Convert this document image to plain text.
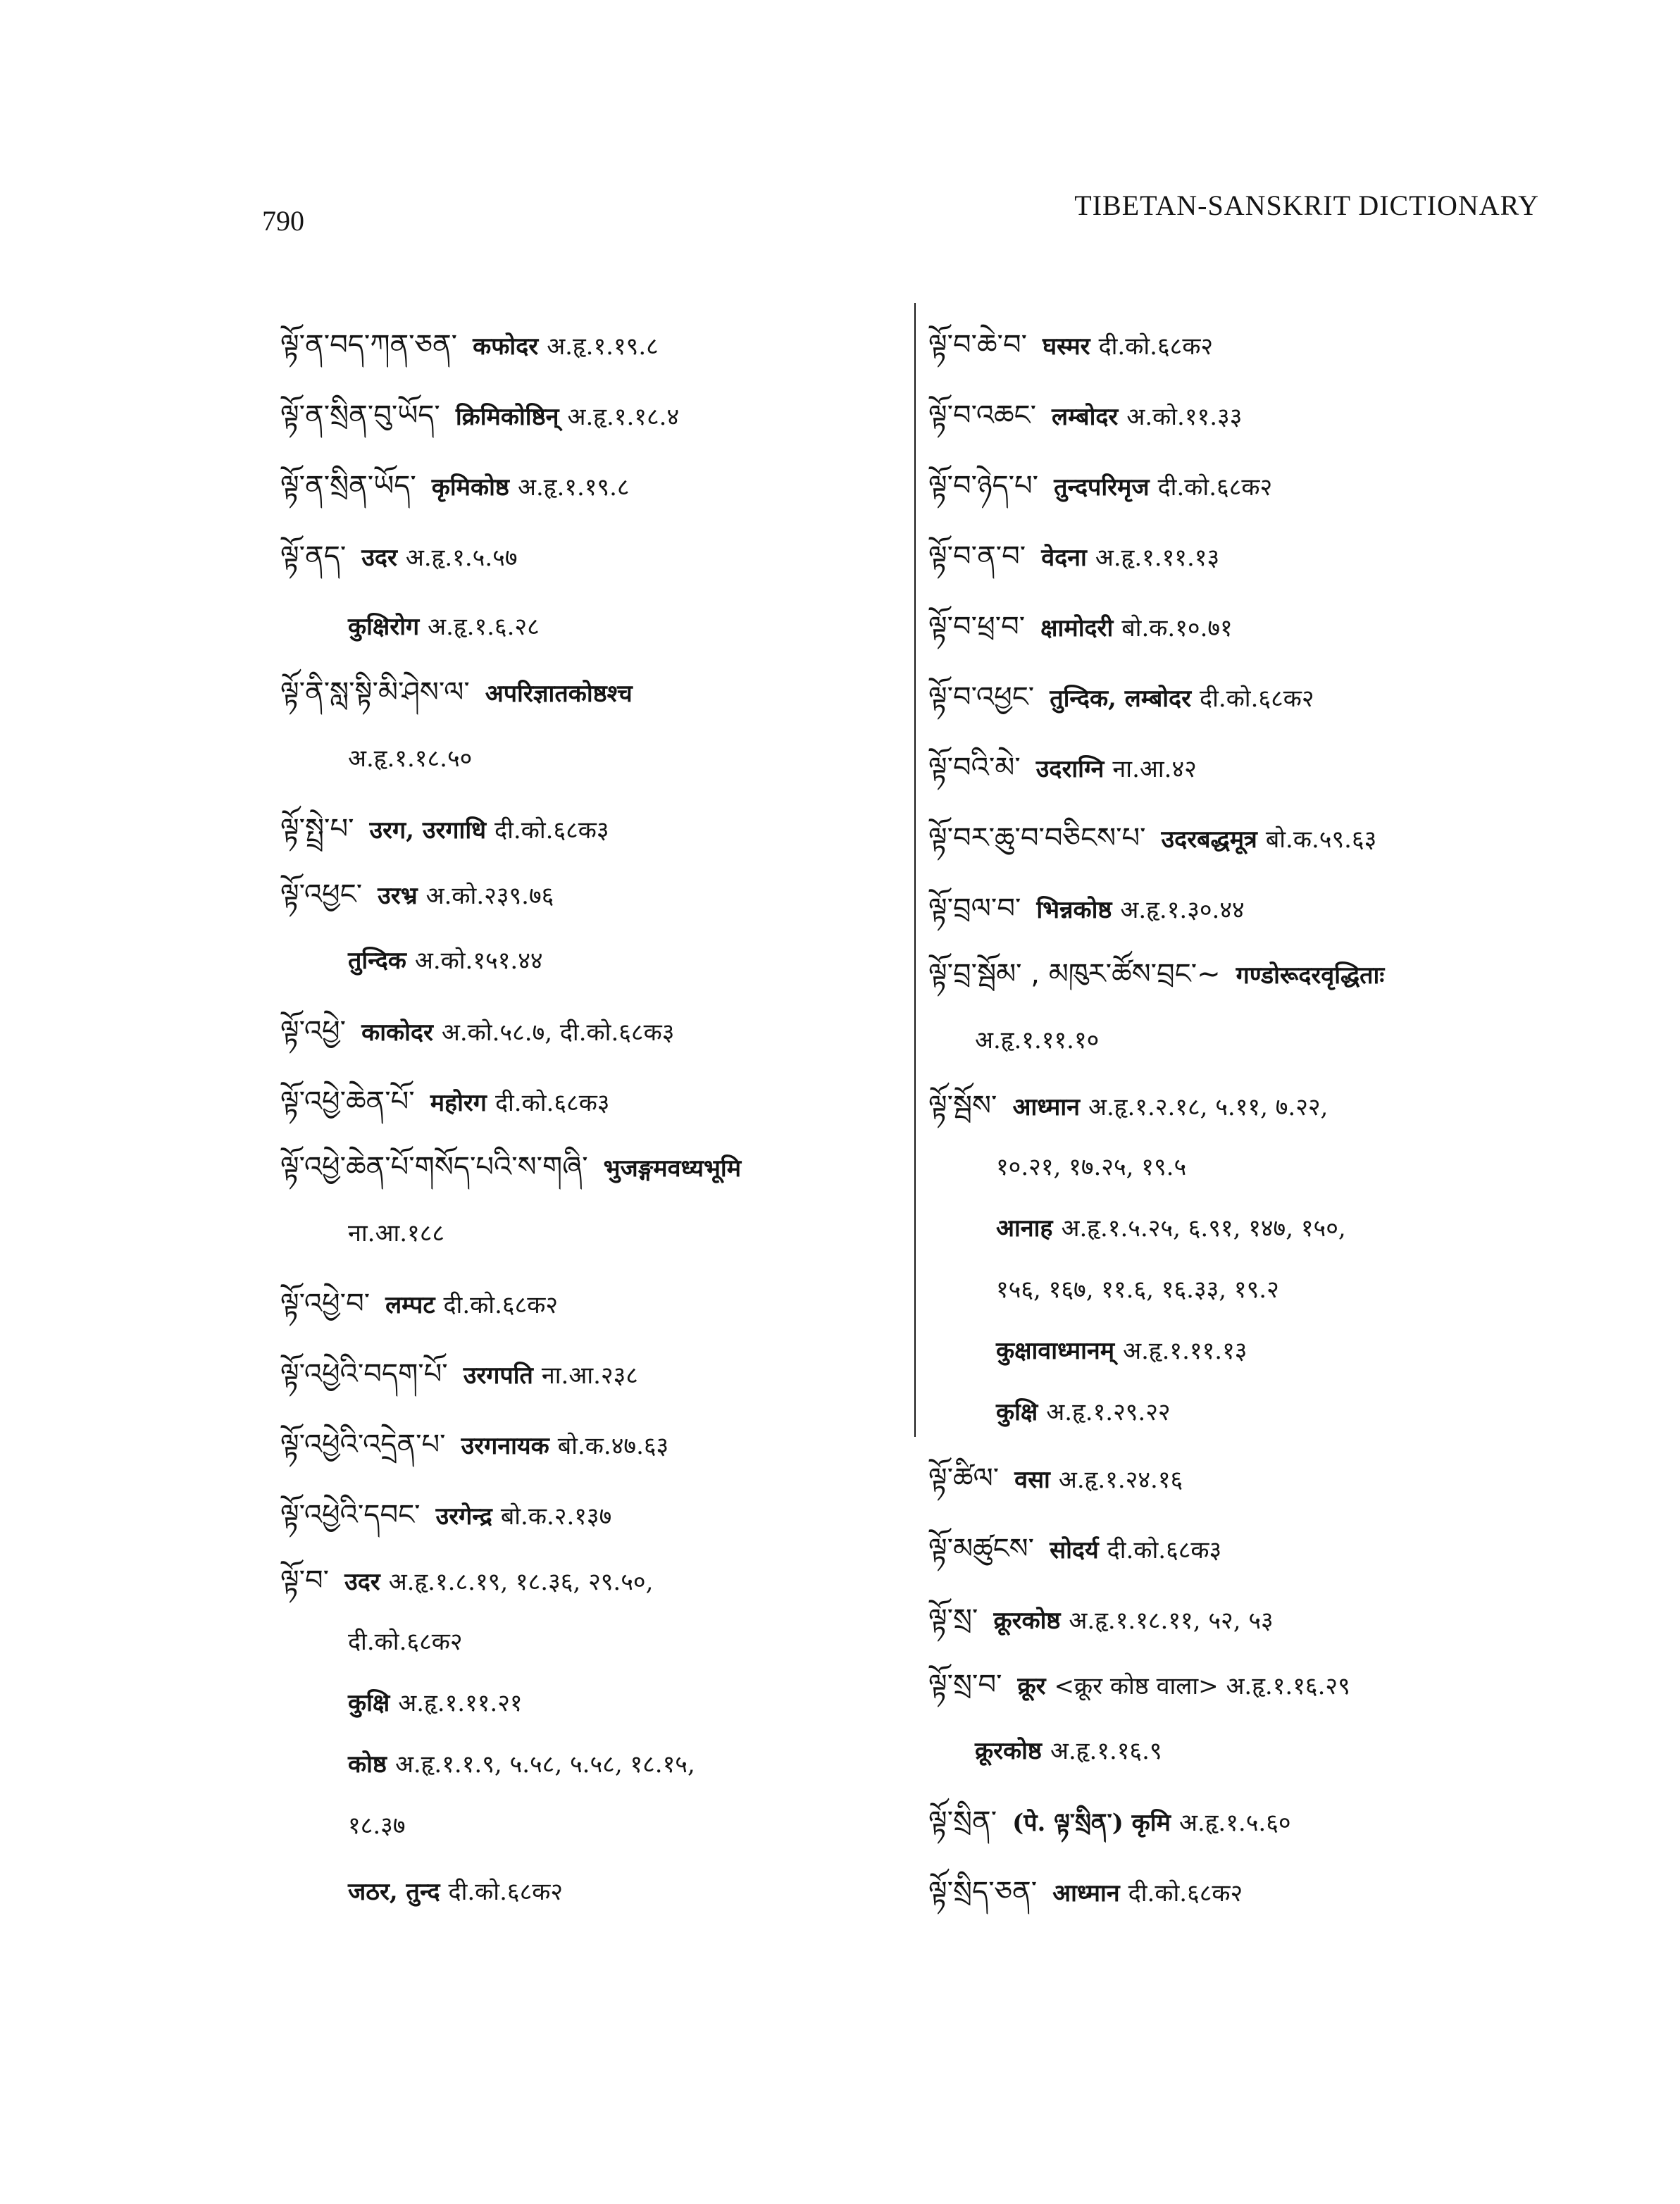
790	TIBETAN-SANSKRIT DICTIONARY
ལྟོ་ན་བད་ཀན་ཅན་ कफोदर अ.हृ.१.१९.८
ལྟོ་ན་སྲིན་བུ་ཡོད་ क्रिमिकोष्ठिन् अ.हृ.१.१८.४
ལྟོ་ན་སྲིན་ཡོད་ कृमिकोष्ठ अ.हृ.१.१९.८
ལྟོ་ནད་ उदर अ.हृ.१.५.५७
कुक्षिरोग अ.हृ.१.६.२८
ལྟོ་ནི་སླ་སྟི་མི་ཤེས་ལ་ अपरिज्ञातकोष्ठश्च
अ.हृ.१.१८.५०
ལྟོ་སྤྲེ་པ་ उरग, उरगाधि दी.को.६८क३
ལྟོ་འཕྱང་ उरभ्र अ.को.२३९.७६
तुन्दिक अ.को.१५१.४४
ལྟོ་འཕྱེ་ काकोदर अ.को.५८.७, दी.को.६८क३
ལྟོ་འཕྱེ་ཆེན་པོ་ महोरग दी.को.६८क३
ལྟོ་འཕྱེ་ཆེན་པོ་གསོད་པའི་ས་གཞི་ भुजङ्गमवध्यभूमि
ना.आ.१८८
ལྟོ་འཕྱེ་བ་ लम्पट दी.को.६८क२
ལྟོ་འཕྱེའི་བདག་པོ་ उरगपति ना.आ.२३८
ལྟོ་འཕྱེའི་འདྲེན་པ་ उरगनायक बो.क.४७.६३
ལྟོ་འཕྱེའི་དབང་ उरगेन्द्र बो.क.२.१३७
ལྟོ་བ་ उदर अ.हृ.१.८.१९, १८.३६, २९.५०,
दी.को.६८क२
कुक्षि अ.हृ.१.११.२१
कोष्ठ अ.हृ.१.१.९, ५.५८, ५.५८, १८.१५,
१८.३७
जठर, तुन्द दी.को.६८क२
ལྟོ་བ་ཆེ་བ་ घस्मर दी.को.६८क२
ལྟོ་བ་འཆང་ लम्बोदर अ.को.११.३३
ལྟོ་བ་ཉེད་པ་ तुन्दपरिमृज दी.को.६८क२
ལྟོ་བ་ན་བ་ वेदना अ.हृ.१.११.१३
ལྟོ་བ་ཕྲ་བ་ क्षामोदरी बो.क.१०.७१
ལྟོ་བ་འཕྱང་ तुन्दिक, लम्बोदर दी.को.६८क२
ལྟོ་བའི་མེ་ उदराग्नि ना.आ.४२
ལྟོ་བར་ཆུ་བ་བཅིངས་པ་ उदरबद्धमूत्र बो.क.५९.६३
ལྟོ་བྲལ་བ་ भिन्नकोष्ठ अ.हृ.१.३०.४४
ལྟོ་བྲ་སྦོམ་ , མཁུར་ཚོས་བྲང་~ गण्डोरूदरवृद्धिताः
अ.हृ.१.११.१०
ལྟོ་སྦོས་ आध्मान अ.हृ.१.२.१८, ५.११, ७.२२,
१०.२१, १७.२५, १९.५
आनाह अ.हृ.१.५.२५, ६.९१, १४७, १५०,
१५६, १६७, ११.६, १६.३३, १९.२
कुक्षावाध्मानम् अ.हृ.१.११.१३
कुक्षि अ.हृ.१.२९.२२
ལྟོ་ཚིལ་ वसा अ.हृ.१.२४.१६
ལྟོ་མཚུངས་ सोदर्य दी.को.६८क३
ལྟོ་སྲ་ क्रूरकोष्ठ अ.हृ.१.१८.११, ५२, ५३
ལྟོ་སྲ་བ་ क्रूर <क्रूर कोष्ठ वाला> अ.हृ.१.१६.२९
क्रूरकोष्ठ अ.हृ.१.१६.९
ལྟོ་སྲིན་ (पे. ལྟ་སྲིན་) कृमि अ.हृ.१.५.६०
ལྟོ་སྲིད་ཅན་ आध्मान दी.को.६८क२
